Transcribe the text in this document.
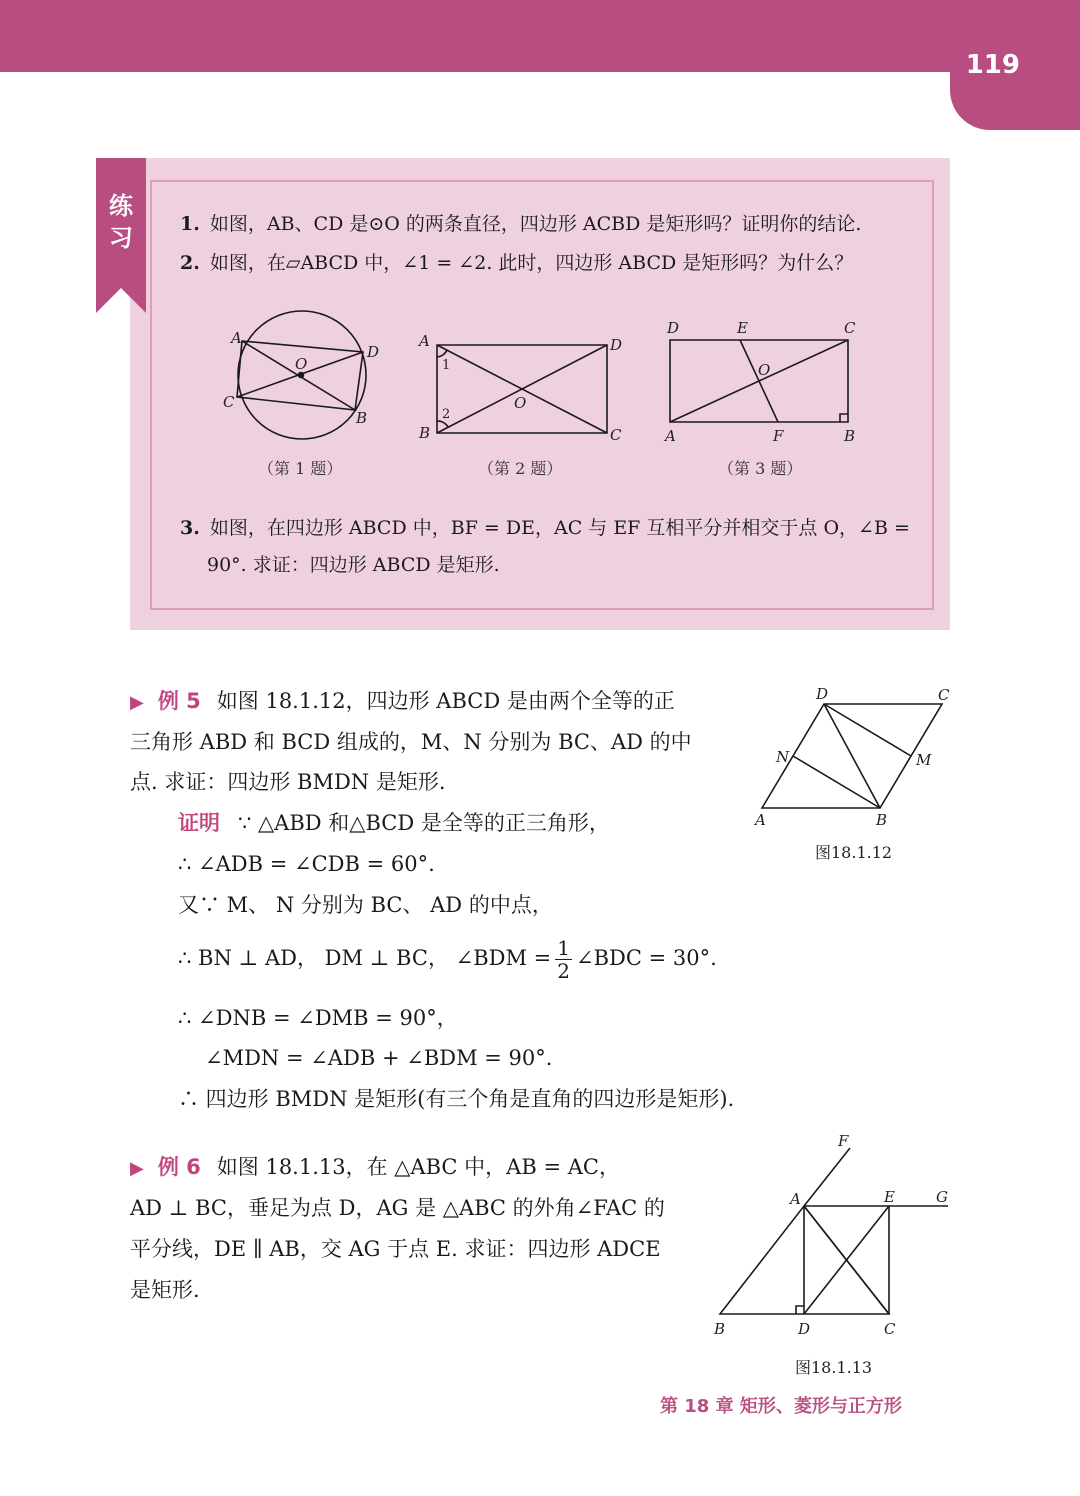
119
练
习	1. 如图，AB、CD 是⊙O 的两条直径，四边形 ACBD 是矩形吗？证明你的结论.
2. 如图，在▱ABCD 中，∠1 = ∠2. 此时，四边形 ABCD 是矩形吗？为什么？
A
D
C
B
O
（第 1 题）
A	D
B	C
O
1
2
（第 2 题）
D	E	C
O
A	F	B
（第 3 题）
3. 如图，在四边形 ABCD 中，BF = DE，AC 与 EF 互相平分并相交于点 O，∠B =
90°. 求证：四边形 ABCD 是矩形.
▶ 例 5 如图 18.1.12，四边形 ABCD 是由两个全等的正
三角形 ABD 和 BCD 组成的，M、N 分别为 BC、AD 的中
点. 求证：四边形 BMDN 是矩形.
证明 ∵ △ABD 和△BCD 是全等的正三角形，
∴ ∠ADB = ∠CDB = 60°.
又∵ M、 N 分别为 BC、 AD 的中点，
∴ BN ⊥ AD， DM ⊥ BC， ∠BDM = $\frac{1}{2}$ ∠BDC = 30°.
∴ ∠DNB = ∠DMB = 90°，
∠MDN = ∠ADB + ∠BDM = 90°.
∴ 四边形 BMDN 是矩形(有三个角是直角的四边形是矩形).
D	C
N	M
A	B
图18.1.12
▶ 例 6 如图 18.1.13，在 △ABC 中，AB = AC，
AD ⊥ BC，垂足为点 D，AG 是 △ABC 的外角∠FAC 的
平分线，DE ∥ AB，交 AG 于点 E. 求证：四边形 ADCE
是矩形.
F
A	E	G
B	D	C
图18.1.13
第 18 章 矩形、菱形与正方形
